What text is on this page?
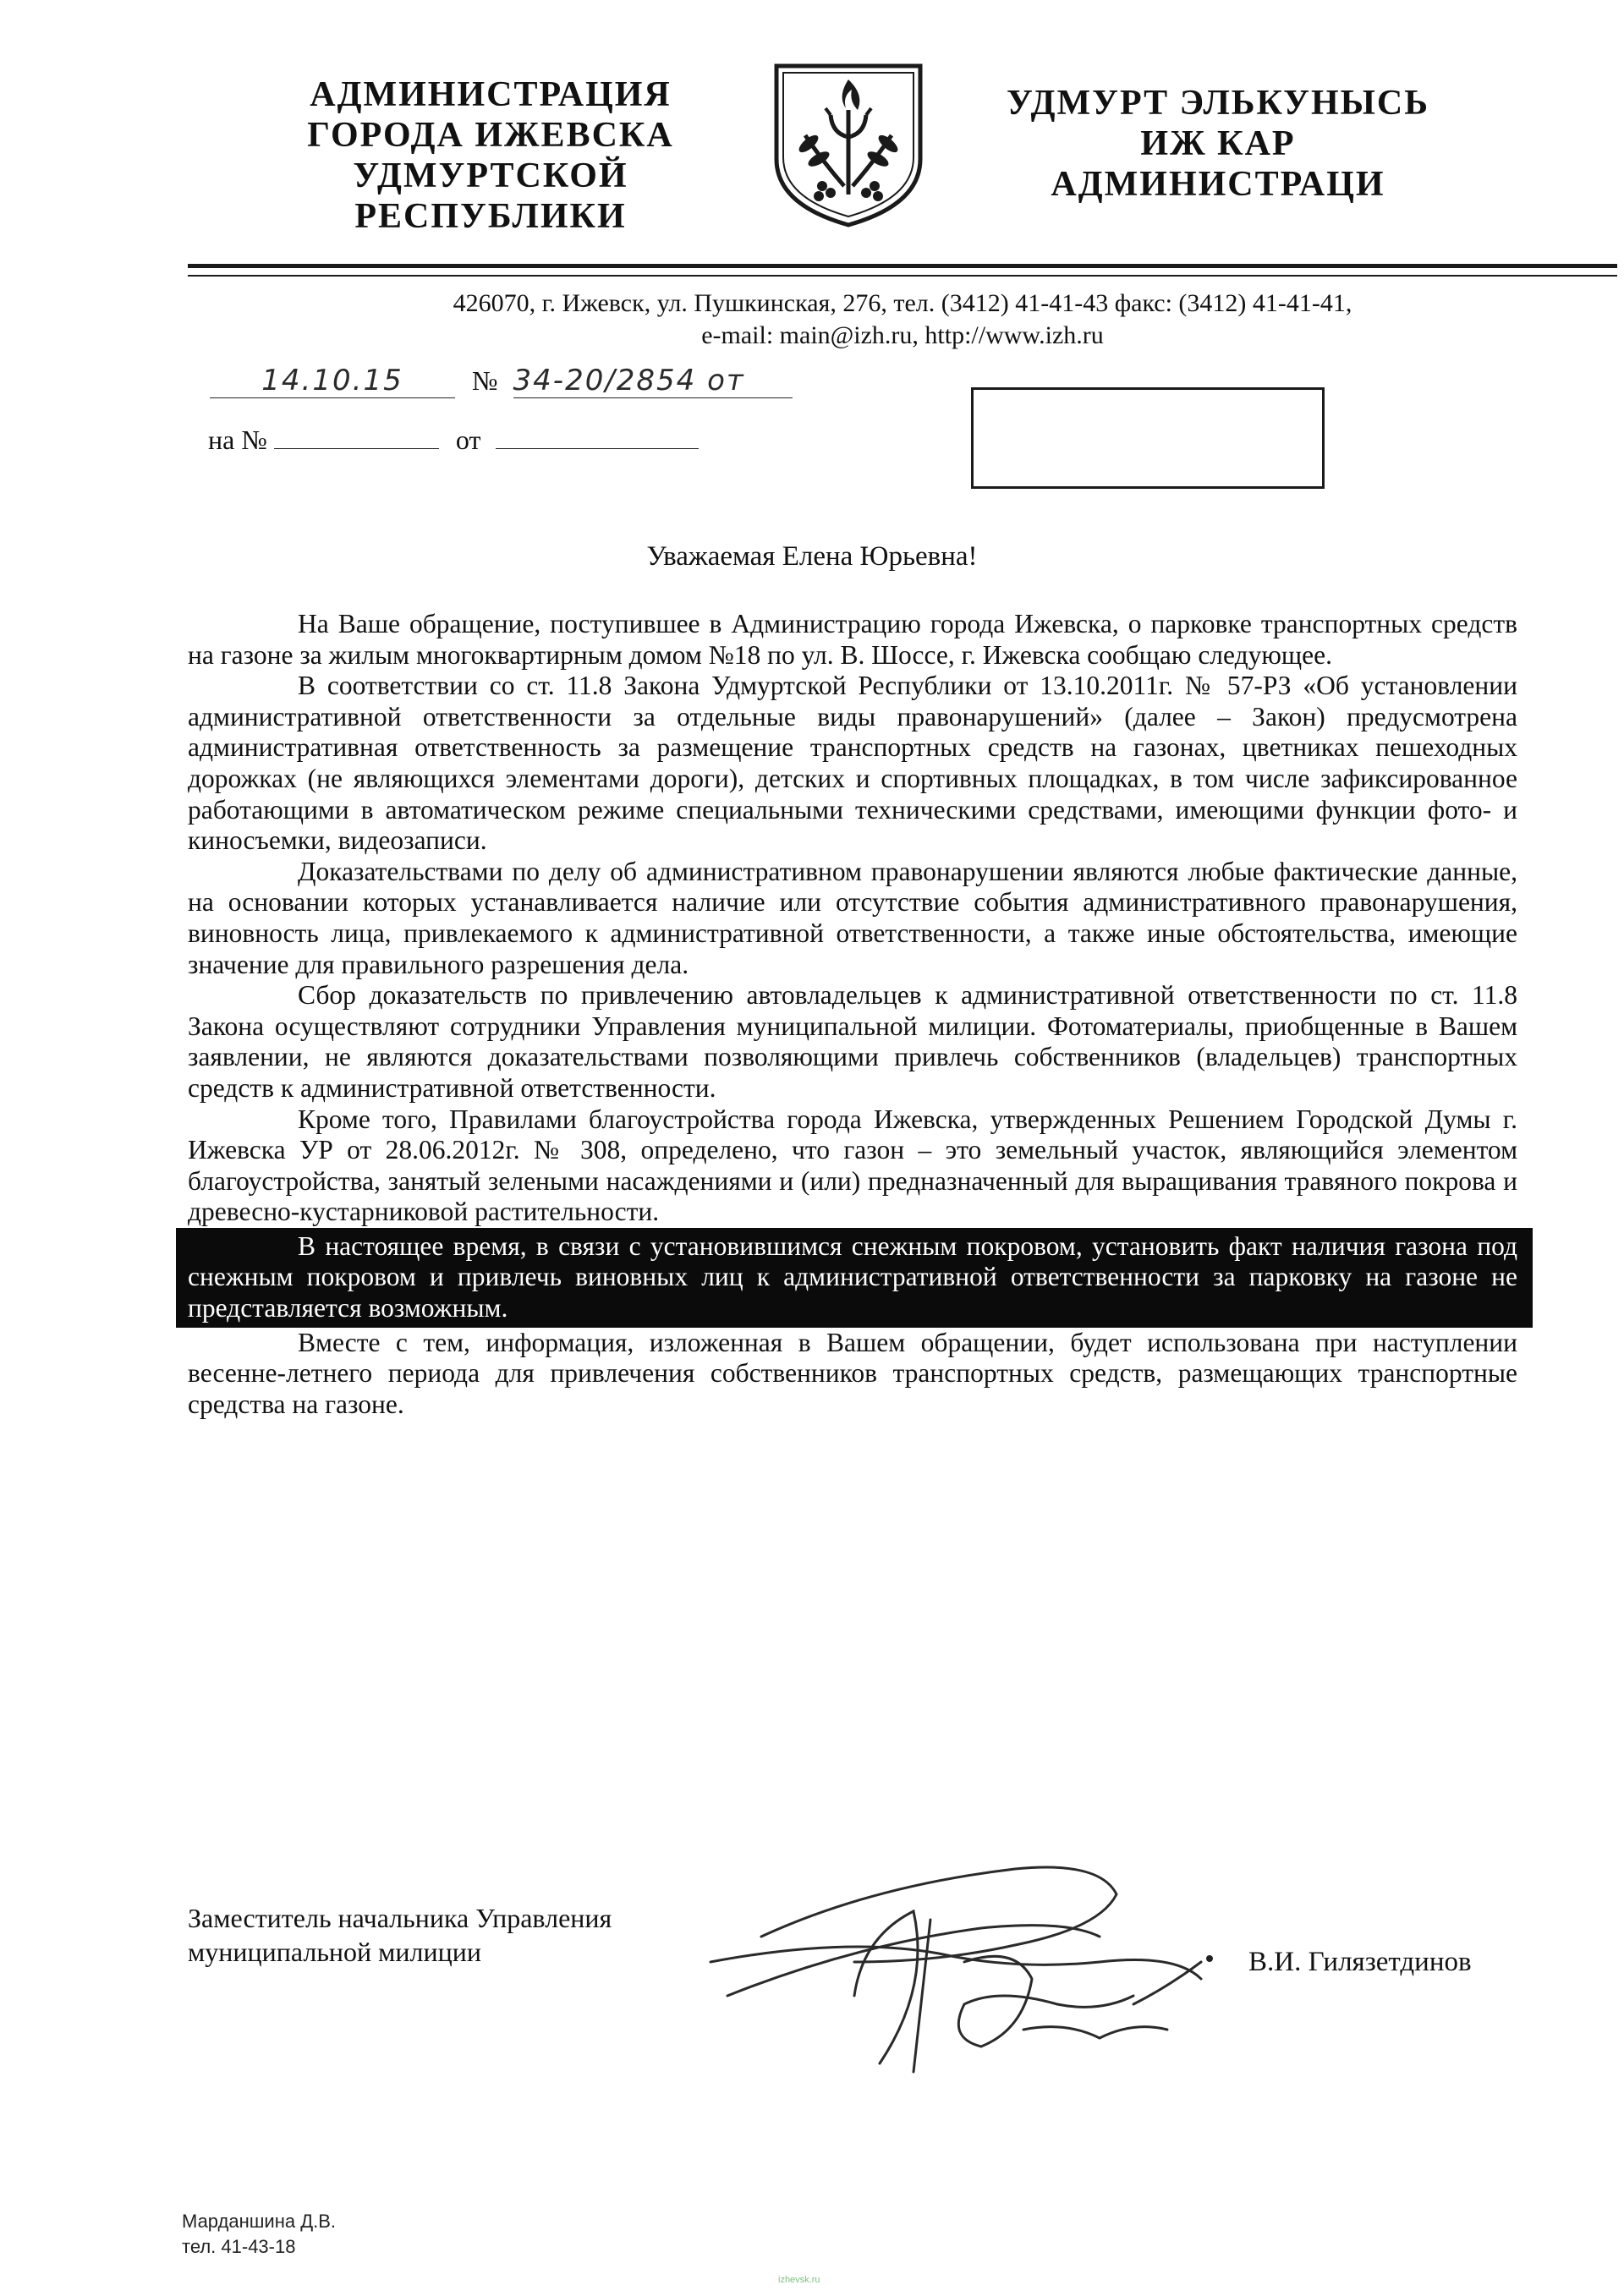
АДМИНИСТРАЦИЯ
ГОРОДА ИЖЕВСКА
УДМУРТСКОЙ
РЕСПУБЛИКИ
УДМУРТ ЭЛЬКУНЫСЬ
ИЖ КАР
АДМИНИСТРАЦИ
426070, г. Ижевск, ул. Пушкинская, 276, тел. (3412) 41-41-43 факс: (3412) 41-41-41,
e-mail: main@izh.ru, http://www.izh.ru
14.10.15	№ 34-20/2854 от
на №	от
Уважаемая Елена Юрьевна!

На Ваше обращение, поступившее в Администрацию города Ижевска, о парковке транспортных средств на газоне за жилым многоквартирным домом №18 по ул. В. Шоссе, г. Ижевска сообщаю следующее.

В соответствии со ст. 11.8 Закона Удмуртской Республики от 13.10.2011г. № 57-РЗ «Об установлении административной ответственности за отдельные виды правонарушений» (далее – Закон) предусмотрена административная ответственность за размещение транспортных средств на газонах, цветниках пешеходных дорожках (не являющихся элементами дороги), детских и спортивных площадках, в том числе зафиксированное работающими в автоматическом режиме специальными техническими средствами, имеющими функции фото- и киносъемки, видеозаписи.

Доказательствами по делу об административном правонарушении являются любые фактические данные, на основании которых устанавливается наличие или отсутствие события административного правонарушения, виновность лица, привлекаемого к административной ответственности, а также иные обстоятельства, имеющие значение для правильного разрешения дела.

Сбор доказательств по привлечению автовладельцев к административной ответственности по ст. 11.8 Закона осуществляют сотрудники Управления муниципальной милиции. Фотоматериалы, приобщенные в Вашем заявлении, не являются доказательствами позволяющими привлечь собственников (владельцев) транспортных средств к административной ответственности.

Кроме того, Правилами благоустройства города Ижевска, утвержденных Решением Городской Думы г. Ижевска УР от 28.06.2012г. № 308, определено, что газон – это земельный участок, являющийся элементом благоустройства, занятый зелеными насаждениями и (или) предназначенный для выращивания травяного покрова и древесно-кустарниковой растительности.

В настоящее время, в связи с установившимся снежным покровом, установить факт наличия газона под снежным покровом и привлечь виновных лиц к административной ответственности за парковку на газоне не представляется возможным.

Вместе с тем, информация, изложенная в Вашем обращении, будет использована при наступлении весенне-летнего периода для привлечения собственников транспортных средств, размещающих транспортные средства на газоне.

Заместитель начальника Управления
муниципальной милиции	В.И. Гилязетдинов
Марданшина Д.В.
тел. 41-43-18
izhevsk.ru
